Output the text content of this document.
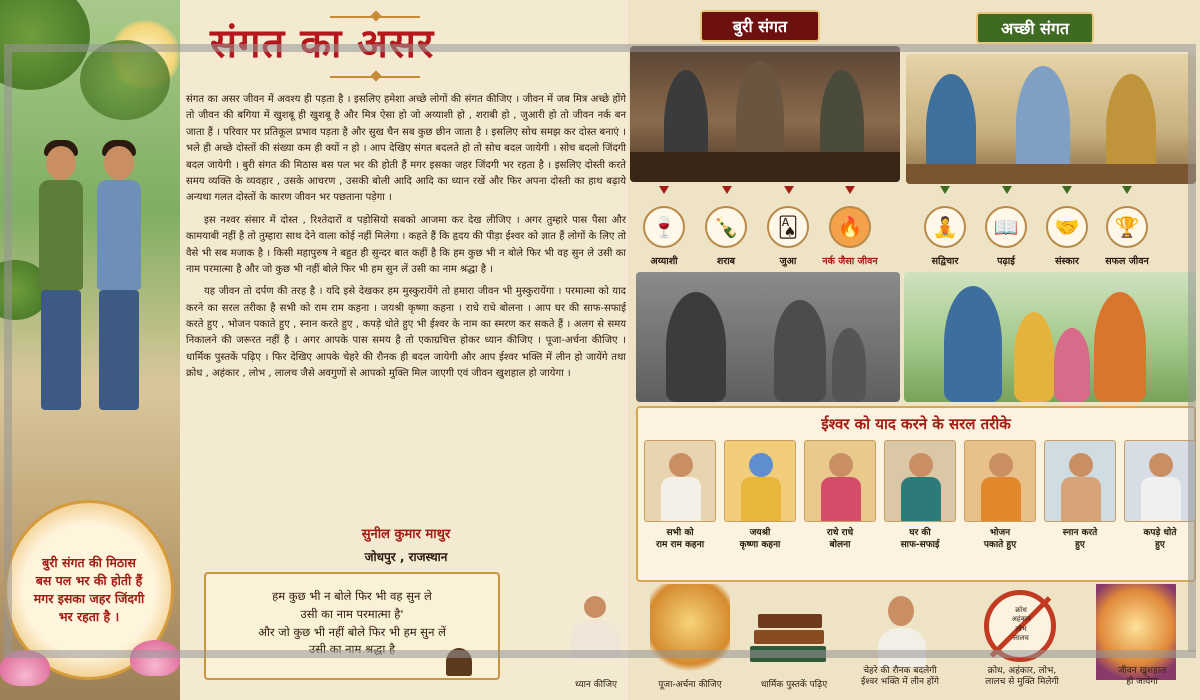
बुरी संगत की मिठास बस पल भर की होती हैं मगर इसका जहर जिंदगी भर रहता है ।

संगत का असर जीवन में अवश्य ही पड़ता है । इसलिए हमेशा अच्छे लोगों की संगत कीजिए । जीवन में जब मित्र अच्छे होंगे तो जीवन की बगिया में खुशबू ही खुशबू है और मित्र ऐसा हो जो अय्याशी हो , शराबी हो , जुआरी हो तो जीवन नर्क बन जाता हैं । परिवार पर प्रतिकूल प्रभाव पड़ता है और सुख चैन सब कुछ छीन जाता है । इसलिए सोच समझ कर दोस्त बनाएं । भले ही अच्छे दोस्तों की संख्या कम ही क्यों न हो । आप देखिए संगत बदलते हो तो सोच बदल जायेगी । सोच बदलो जिंदगी बदल जायेगी । बुरी संगत की मिठास बस पल भर की होती हैं मगर इसका जहर जिंदगी भर रहता है । इसलिए दोस्ती करते समय व्यक्ति के व्यवहार , उसके आचरण , उसकी बोली आदि आदि का ध्यान रखें और फिर अपना दोस्ती का हाथ बढ़ाये अन्यथा गलत दोस्तों के कारण जीवन भर पछताना पड़ेगा ।

इस नश्वर संसार में दोस्त , रिश्तेदारों व पड़ोसियो सबको आजमा कर देख लीजिए । अगर तुम्हारे पास पैसा और कामयाबी नहीं है तो तुम्हारा साथ देने वाला कोई नहीं मिलेगा । कहते हैं कि हृदय की पीड़ा ईश्वर को ज्ञात हैं लोगों के लिए तो वैसे भी सब मजाक है । किसी महापुरुष ने बहुत ही सुन्दर बात कहीं है कि हम कुछ भी न बोले फिर भी वह सुन ले उसी का नाम परमात्मा है और जो कुछ भी नहीं बोले फिर भी हम सुन लें उसी का नाम श्रद्धा है ।

यह जीवन तो दर्पण की तरह है । यदि इसे देखकर हम मुस्कुरायेंगे तो हमारा जीवन भी मुस्कुरायेंगा । परमात्मा को याद करने का सरल तरीका है सभी को राम राम कहना । जयश्री कृष्णा कहना । राधे राधे बोलना । आप घर की साफ-सफाई करते हुए , भोजन पकाते हुए , स्नान करते हुए , कपड़े धोते हुए भी ईश्वर के नाम का स्मरण कर सकते हैं । अलग से समय निकालने की जरूरत नहीं है । अगर आपके पास समय है तो एकाग्रचित्त होकर ध्यान कीजिए । पूजा-अर्चना कीजिए । धार्मिक पुस्तकें पढ़िए । फिर देखिए आपके चेहरे की रौनक ही बदल जायेगी और आप ईश्वर भक्ति में लीन हो जायेंगे तथा क्रोध , अहंकार , लोभ , लालच जैसे अवगुणों से आपको मुक्ति मिल जाएगी एवं जीवन खुशहाल हो जायेगा ।

सुनील कुमार माथुर
जोधपुर , राजस्थान
हम कुछ भी न बोले फिर भी वह सुन ले
उसी का नाम परमात्मा है'
और जो कुछ भी नहीं बोले फिर भी हम सुन लें
बुरी संगत
🍷	🍾	🂡	🔥
अय्याशी	शराब	जुआ	नर्क जैसा जीवन
अच्छी संगत
🧘	📖	🤝	🏆
सद्विचार	पढ़ाई	संस्कार	सफल जीवन
ईश्वर को याद करने के सरल तरीके
सभी को
राम राम कहना
जयश्री
कृष्णा कहना
राधे राधे
बोलना
घर की
साफ-सफाई
भोजन
पकाते हुए
स्नान करते
हुए
कपड़े धोते
हुए
क्रोध
अहंकार
लोभ
लालच
ध्यान कीजिए	पूजा-अर्चना कीजिए	धार्मिक पुस्तकें पढ़िए
चेहरे की रौनक बदलेगी
ईश्वर भक्ति में लीन होंगे
क्रोध, अहंकार, लोभ,
लालच से मुक्ति मिलेगी
जीवन खुशहाल
हो जायेगा
